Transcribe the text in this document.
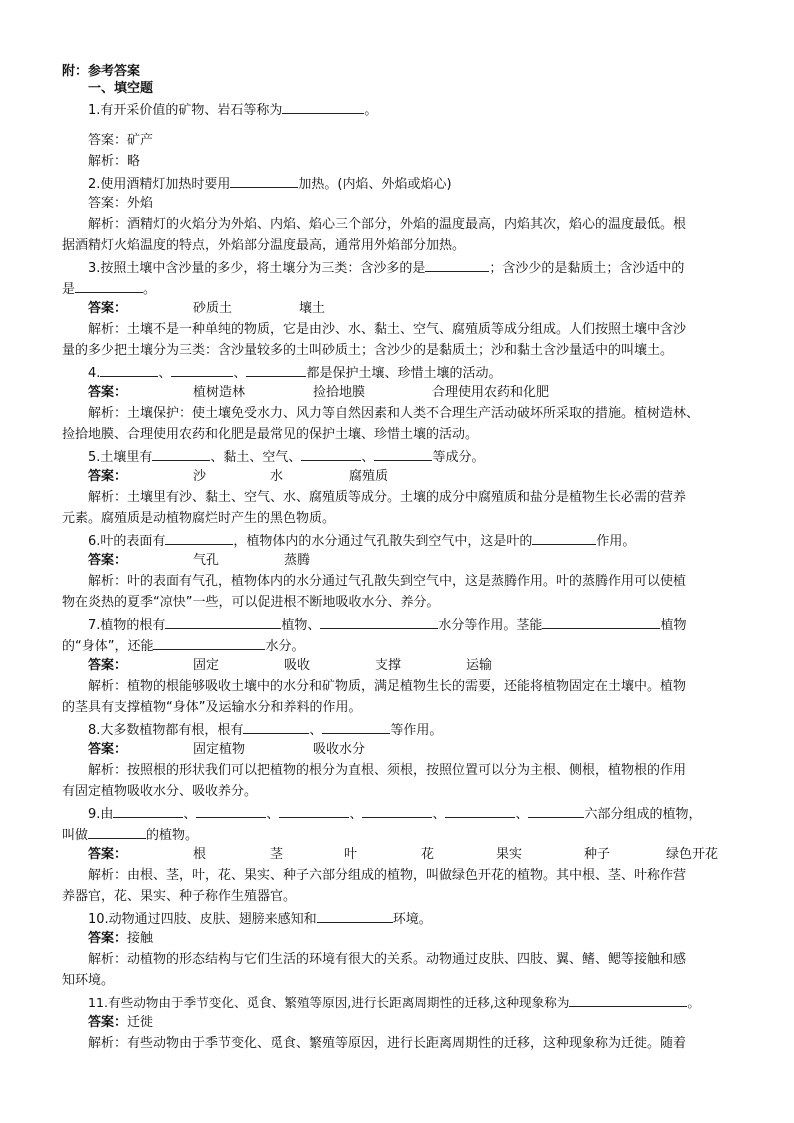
附：参考答案
一、填空题
1.有开采价值的矿物、岩石等称为	。
答案：矿产
解析：略
2.使用酒精灯加热时要用	加热。(内焰、外焰或焰心)
答案：外焰
解析：酒精灯的火焰分为外焰、内焰、焰心三个部分，外焰的温度最高，内焰其次，焰心的温度最低。根
据酒精灯火焰温度的特点，外焰部分温度最高，通常用外焰部分加热。
3.按照土壤中含沙量的多少，将土壤分为三类：含沙多的是	；含沙少的是黏质土；含沙适中的
是	。
答案：	砂质土	壤土
解析：土壤不是一种单纯的物质，它是由沙、水、黏土、空气、腐殖质等成分组成。人们按照土壤中含沙
量的多少把土壤分为三类：含沙量较多的土叫砂质土；含沙少的是黏质土；沙和黏土含沙量适中的叫壤土。
4.	、	、	都是保护土壤、珍惜土壤的活动。
答案：	植树造林	捡拾地膜	合理使用农药和化肥
解析：土壤保护：使土壤免受水力、风力等自然因素和人类不合理生产活动破坏所采取的措施。植树造林、
捡拾地膜、合理使用农药和化肥是最常见的保护土壤、珍惜土壤的活动。
5.土壤里有	、黏土、空气、	、	等成分。
答案：	沙	水	腐殖质
解析：土壤里有沙、黏土、空气、水、腐殖质等成分。土壤的成分中腐殖质和盐分是植物生长必需的营养
元素。腐殖质是动植物腐烂时产生的黑色物质。
6.叶的表面有	，植物体内的水分通过气孔散失到空气中，这是叶的	作用。
答案：	气孔	蒸腾
解析：叶的表面有气孔，植物体内的水分通过气孔散失到空气中，这是蒸腾作用。叶的蒸腾作用可以使植
物在炎热的夏季“凉快”一些，可以促进根不断地吸收水分、养分。
7.植物的根有	植物、	水分等作用。茎能	植物
的“身体”，还能	水分。
答案：	固定	吸收	支撑	运输
解析：植物的根能够吸收土壤中的水分和矿物质，满足植物生长的需要，还能将植物固定在土壤中。植物
的茎具有支撑植物“身体”及运输水分和养料的作用。
8.大多数植物都有根，根有	、	等作用。
答案：	固定植物	吸收水分
解析：按照根的形状我们可以把植物的根分为直根、须根，按照位置可以分为主根、侧根，植物根的作用
有固定植物吸收水分、吸收养分。
9.由	、	、	、	、	、	六部分组成的植物，
叫做	的植物。
答案：	根	茎	叶	花	果实	种子	绿色开花
解析：由根、茎，叶，花、果实、种子六部分组成的植物，叫做绿色开花的植物。其中根、茎、叶称作营
养器官，花、果实、种子称作生殖器官。
10.动物通过四肢、皮肤、翅膀来感知和	环境。
答案：接触
解析：动植物的形态结构与它们生活的环境有很大的关系。动物通过皮肤、四肢、翼、鳍、鳃等接触和感
知环境。
11.有些动物由于季节变化、觅食、繁殖等原因,进行长距离周期性的迁移,这种现象称为	。
答案：迁徙
解析：有些动物由于季节变化、觅食、繁殖等原因，进行长距离周期性的迁移，这种现象称为迁徙。随着
